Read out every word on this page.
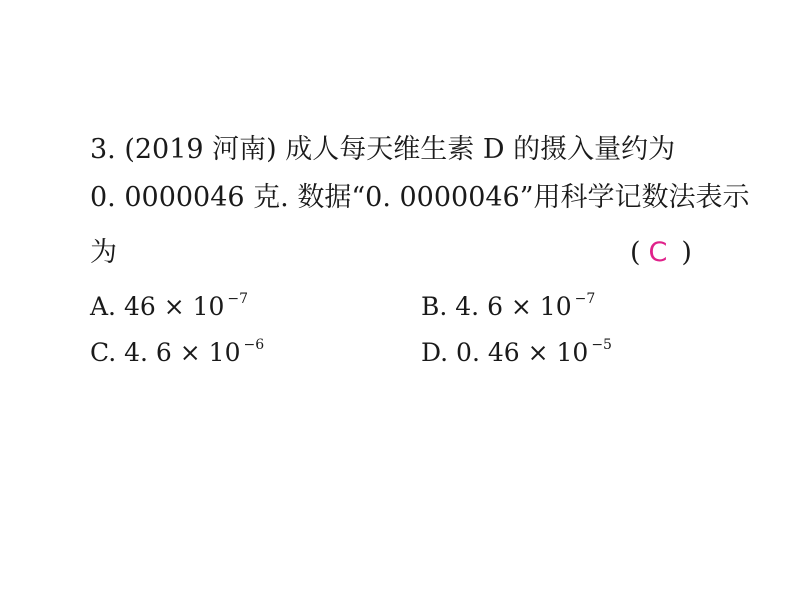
3. (2019 河南) 成人每天维生素 D 的摄入量约为
0. 0000046 克. 数据“0. 0000046”用科学记数法表示
为	( C )
A. 46 × 10 $^{-7}$	B. 4. 6 × 10 $^{-7}$
C. 4. 6 × 10 $^{-6}$	D. 0. 46 × 10 $^{-5}$
